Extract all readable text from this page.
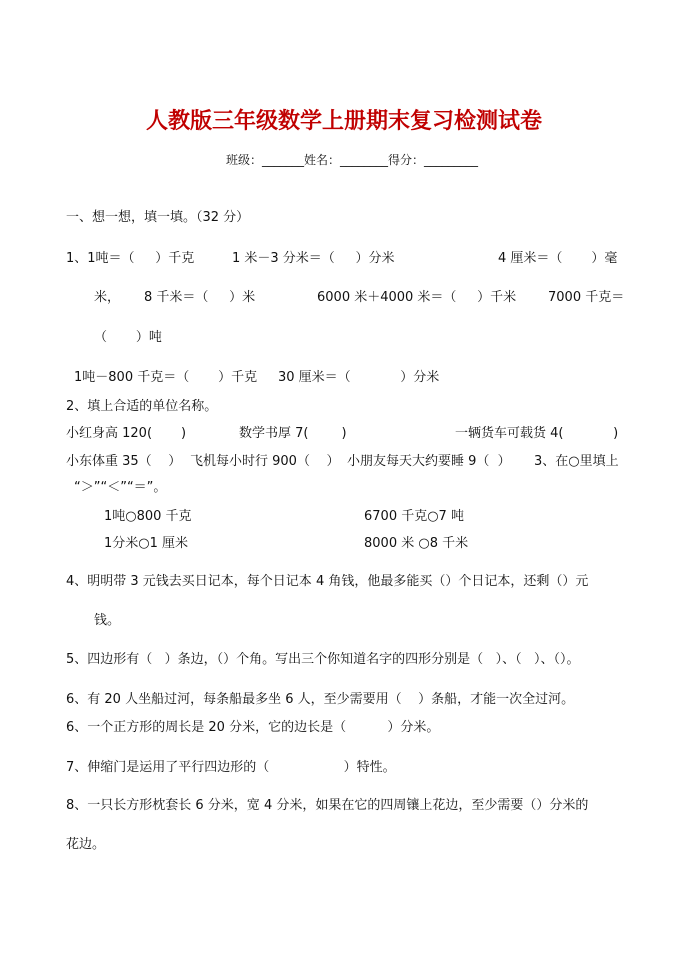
人教版三年级数学上册期末复习检测试卷
班级：_______姓名：________得分：_________
一、想一想，填一填。（32 分）
1、1吨＝（     ）千克	1 米－3 分米＝（     ）分米	4 厘米＝（       ）毫
米， 8 千米＝（     ）米	6000 米＋4000 米＝（     ）千米 7000 千克＝
（       ）吨
1吨－800 千克＝（       ）千克 30 厘米＝（            ）分米
2、填上合适的单位名称。
小红身高 120(       )	数学书厚 7(        )	一辆货车可载货 4(            )
小东体重 35（    ） 飞机每小时行 900（    ） 小朋友每天大约要睡 9（  ） 3、在○里填上
“＞”“＜”“＝”。
1吨○800 千克	6700 千克○7 吨
1分米○1 厘米	8000 米 ○8 千米
4、明明带 3 元钱去买日记本，每个日记本 4 角钱，他最多能买（）个日记本，还剩（）元
钱。
5、四边形有（   ）条边，（）个角。写出三个你知道名字的四形分别是（   ）、（   ）、（）。
6、有 20 人坐船过河，每条船最多坐 6 人，至少需要用（    ）条船，才能一次全过河。
6、一个正方形的周长是 20 分米，它的边长是（          ）分米。
7、伸缩门是运用了平行四边形的（                  ）特性。
8、一只长方形枕套长 6 分米，宽 4 分米，如果在它的四周镶上花边，至少需要（）分米的
花边。
